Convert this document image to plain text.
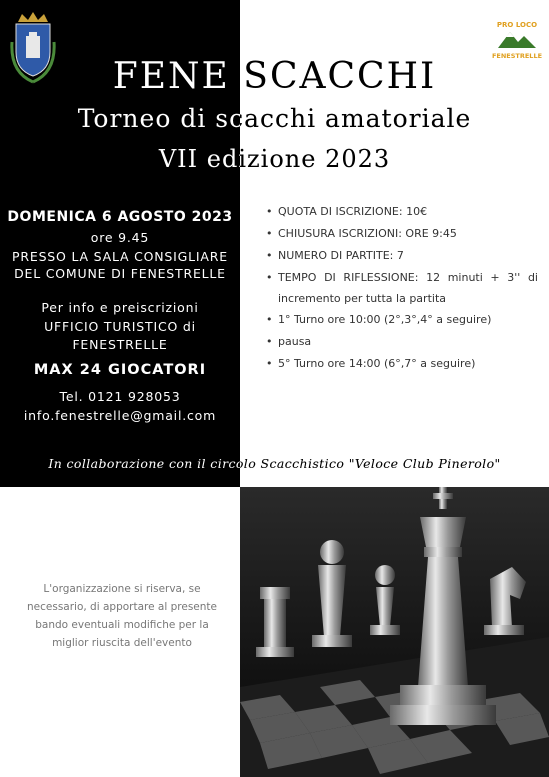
PRO LOCO
FENESTRELLE
FENE SCACCHI
Torneo di scacchi amatoriale
VII edizione 2023
DOMENICA 6 AGOSTO 2023
ore 9.45
PRESSO LA SALA CONSIGLIARE
DEL COMUNE DI FENESTRELLE
Per info e preiscrizioni
UFFICIO TURISTICO di
FENESTRELLE
MAX 24 GIOCATORI
Tel. 0121 928053
info.fenestrelle@gmail.com
• QUOTA DI ISCRIZIONE: 10€
• CHIUSURA ISCRIZIONI: ORE 9:45
• NUMERO DI PARTITE: 7
• TEMPO DI RIFLESSIONE: 12 minuti + 3'' di incremento per tutta la partita
• 1° Turno ore 10:00 (2°,3°,4° a seguire)
• pausa
• 5° Turno ore 14:00 (6°,7° a seguire)
In collaborazione con il circolo Scacchistico "Veloce Club Pinerolo"
L'organizzazione si riserva, se
necessario, di apportare al presente
bando eventuali modifiche per la
miglior riuscita dell'evento
